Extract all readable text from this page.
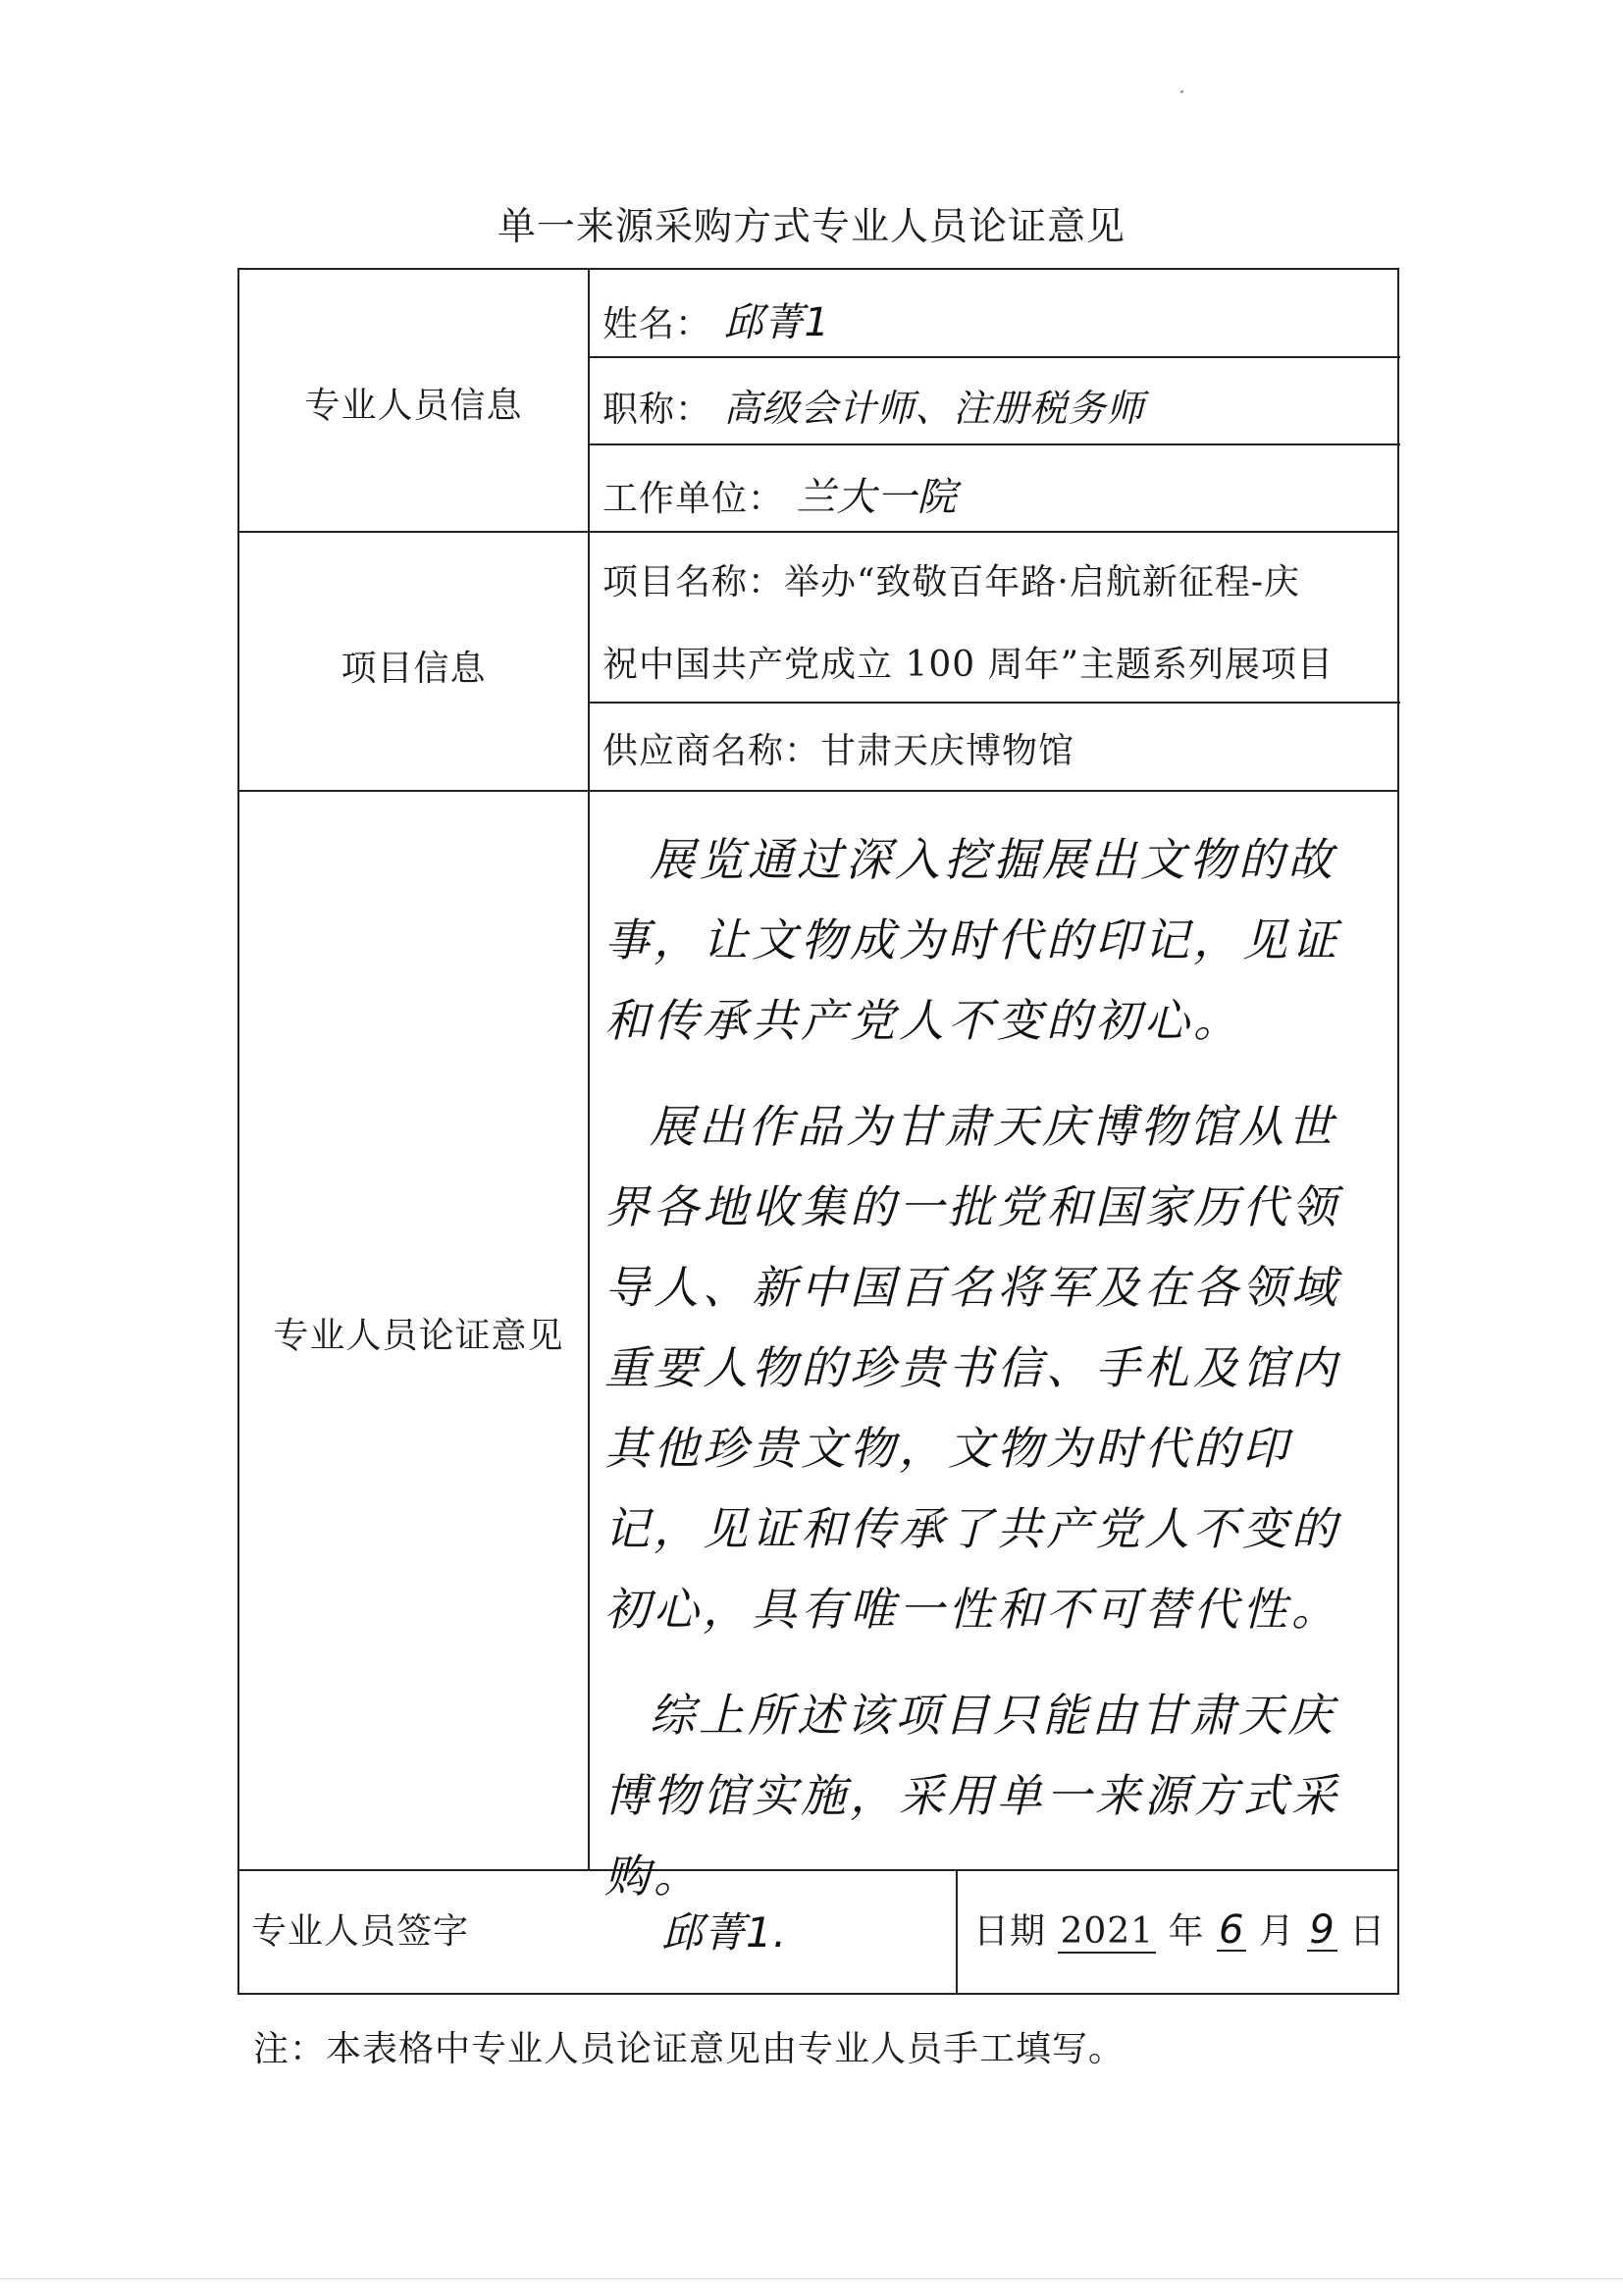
单一来源采购方式专业人员论证意见
专业人员信息
姓名： 邱菁1
职称： 高级会计师、注册税务师
工作单位： 兰大一院
项目信息
项目名称：举办“致敬百年路·启航新征程-庆
祝中国共产党成立 100 周年”主题系列展项目
供应商名称：甘肃天庆博物馆
专业人员论证意见

展览通过深入挖掘展出文物的故事，让文物成为时代的印记，见证和传承共产党人不变的初心。

展出作品为甘肃天庆博物馆从世界各地收集的一批党和国家历代领导人、新中国百名将军及在各领域重要人物的珍贵书信、手札及馆内其他珍贵文物，文物为时代的印记，见证和传承了共产党人不变的初心，具有唯一性和不可替代性。

综上所述该项目只能由甘肃天庆博物馆实施，采用单一来源方式采购。

专业人员签字	邱菁1.	日期 2021 年 6 月 9 日
注：本表格中专业人员论证意见由专业人员手工填写。
